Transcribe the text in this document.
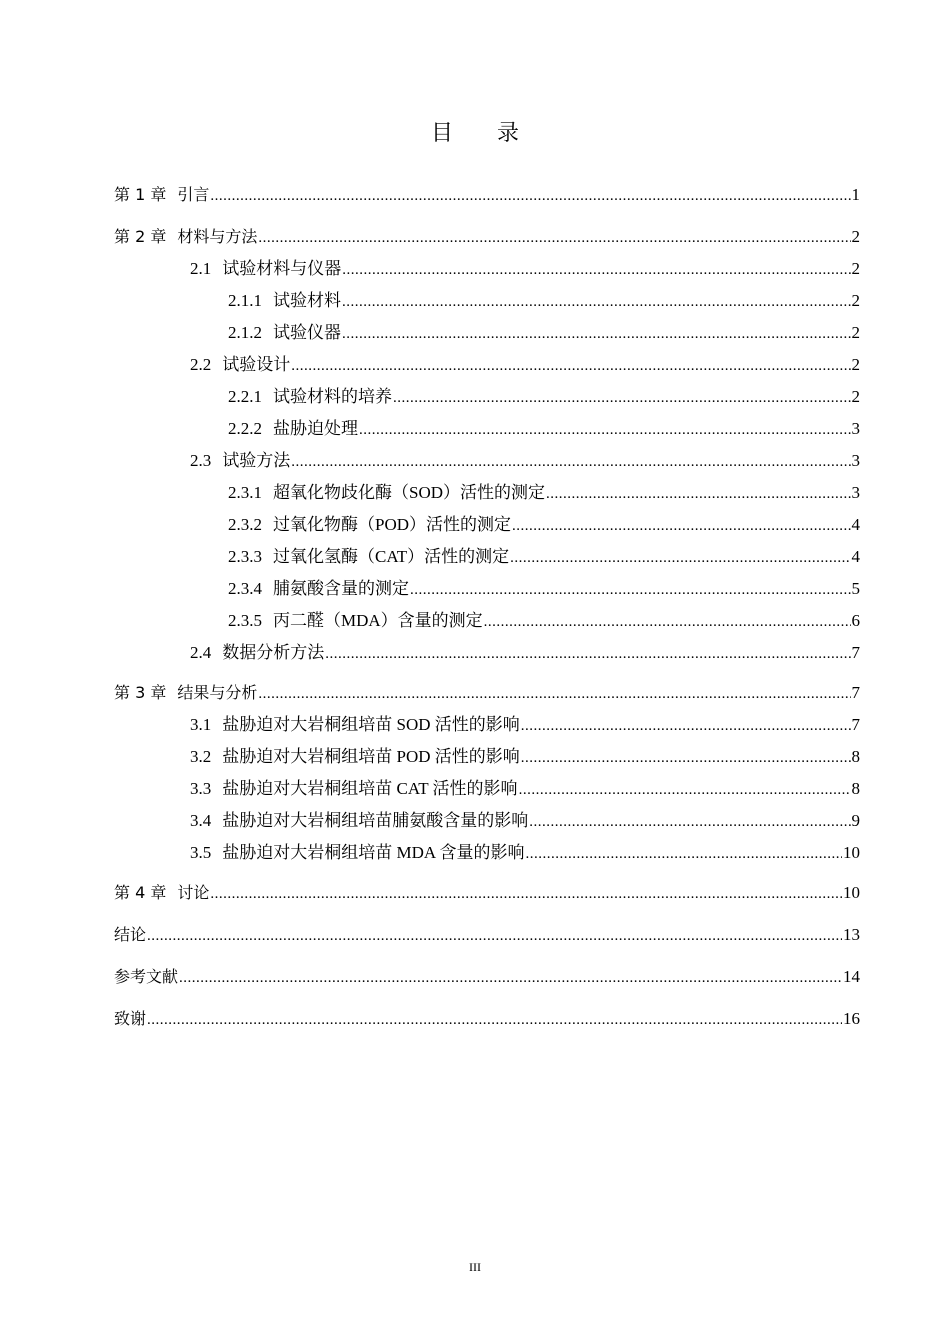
目 录
第 1 章 引言 .....	1
第 2 章 材料与方法 .....	2
2.1 试验材料与仪器 .....	2
2.1.1 试验材料 .....	2
2.1.2 试验仪器 .....	2
2.2 试验设计 .....	2
2.2.1 试验材料的培养 .....	2
2.2.2 盐胁迫处理 .....	3
2.3 试验方法 .....	3
2.3.1 超氧化物歧化酶（SOD）活性的测定 .....	3
2.3.2 过氧化物酶（POD）活性的测定 .....	4
2.3.3 过氧化氢酶（CAT）活性的测定 .....	4
2.3.4 脯氨酸含量的测定 .....	5
2.3.5 丙二醛（MDA）含量的测定 .....	6
2.4 数据分析方法 .....	7
第 3 章 结果与分析 .....	7
3.1 盐胁迫对大岩桐组培苗 SOD 活性的影响 .....	7
3.2 盐胁迫对大岩桐组培苗 POD 活性的影响 .....	8
3.3 盐胁迫对大岩桐组培苗 CAT 活性的影响 .....	8
3.4 盐胁迫对大岩桐组培苗脯氨酸含量的影响 .....	9
3.5 盐胁迫对大岩桐组培苗 MDA 含量的影响 .....	10
第 4 章 讨论 .....	10
结论 .....	13
参考文献 .....	14
致谢 .....	16
III
